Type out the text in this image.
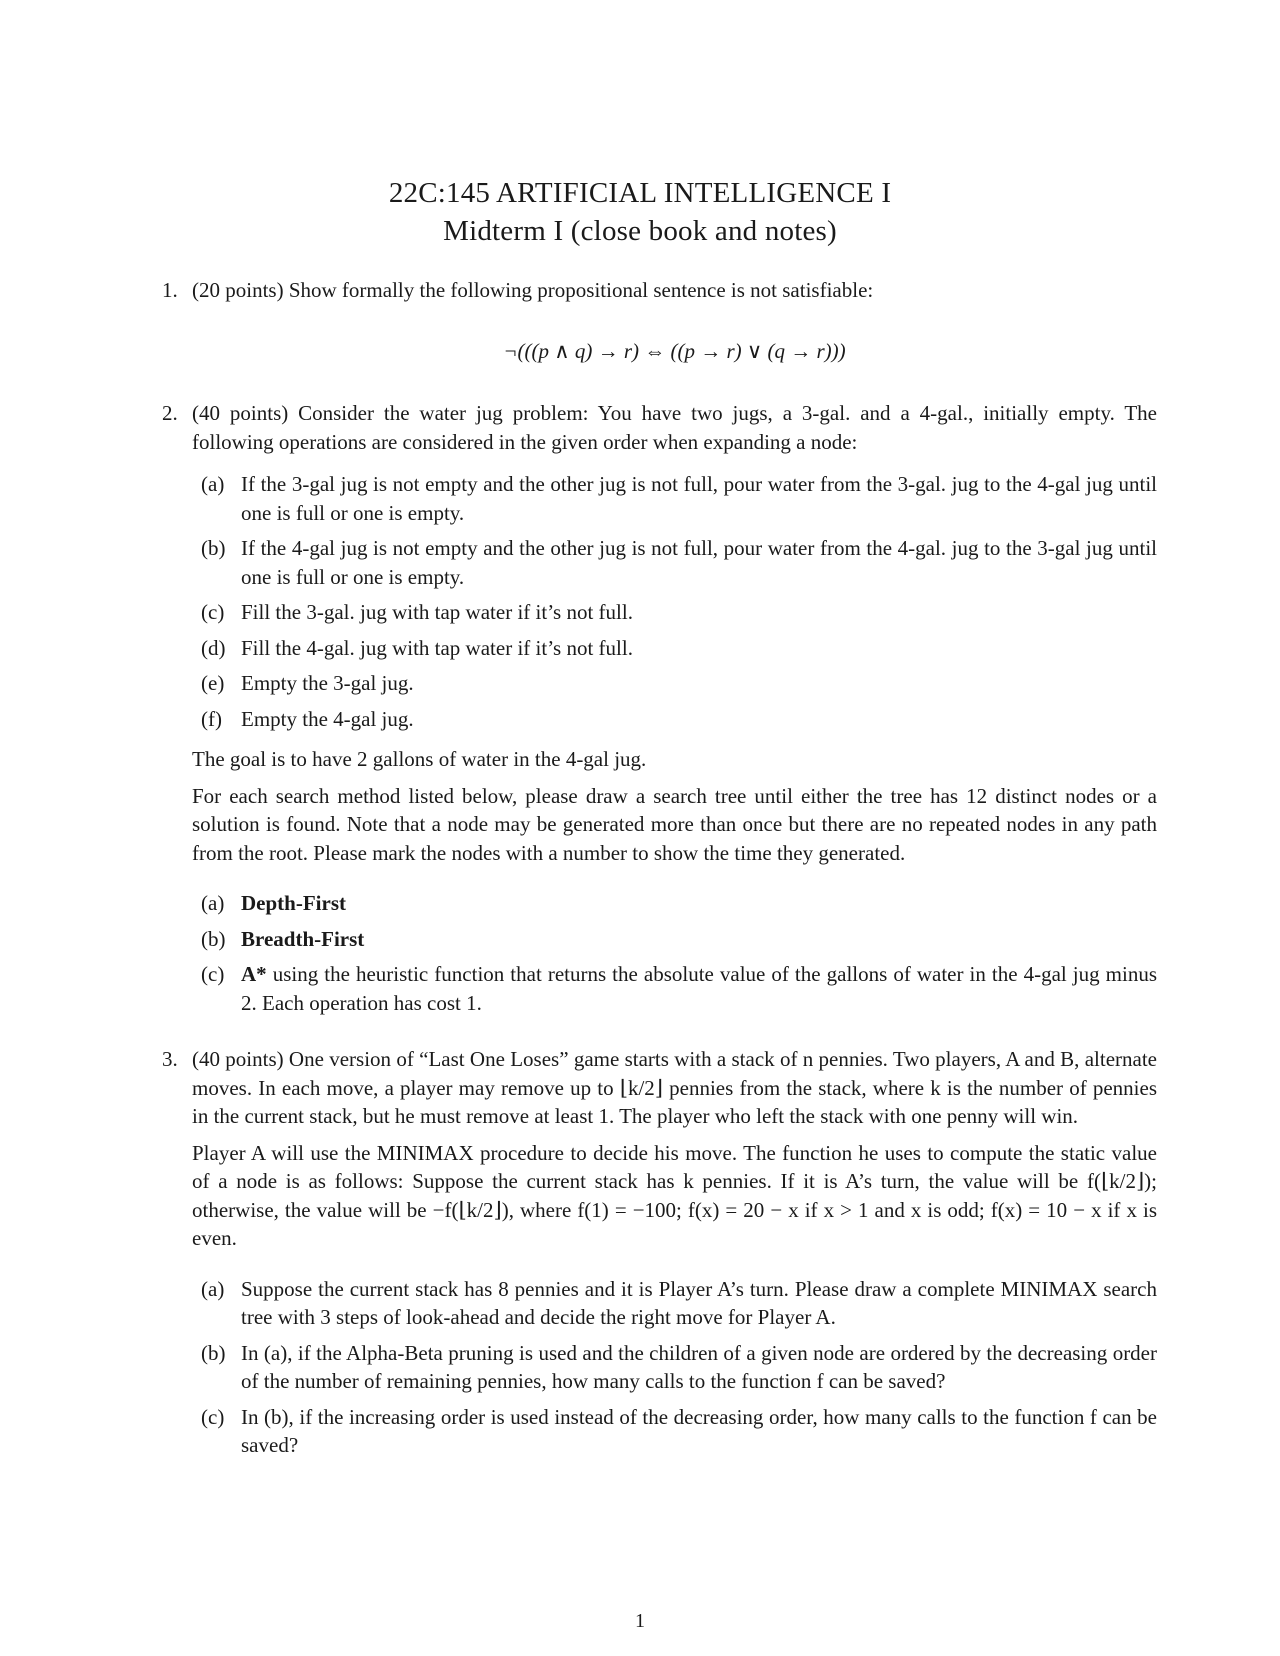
22C:145 ARTIFICIAL INTELLIGENCE I
Midterm I (close book and notes)
1. (20 points) Show formally the following propositional sentence is not satisfiable:
¬(((p ∧ q) → r) ⇔ ((p → r) ∨ (q → r)))
2. (40 points) Consider the water jug problem: You have two jugs, a 3-gal. and a 4-gal., initially empty. The following operations are considered in the given order when expanding a node:
(a) If the 3-gal jug is not empty and the other jug is not full, pour water from the 3-gal. jug to the 4-gal jug until one is full or one is empty.
(b) If the 4-gal jug is not empty and the other jug is not full, pour water from the 4-gal. jug to the 3-gal jug until one is full or one is empty.
(c) Fill the 3-gal. jug with tap water if it’s not full.
(d) Fill the 4-gal. jug with tap water if it’s not full.
(e) Empty the 3-gal jug.
(f) Empty the 4-gal jug.
The goal is to have 2 gallons of water in the 4-gal jug.
For each search method listed below, please draw a search tree until either the tree has 12 distinct nodes or a solution is found. Note that a node may be generated more than once but there are no repeated nodes in any path from the root. Please mark the nodes with a number to show the time they generated.
(a) Depth-First
(b) Breadth-First
(c) A* using the heuristic function that returns the absolute value of the gallons of water in the 4-gal jug minus 2. Each operation has cost 1.
3. (40 points) One version of “Last One Loses” game starts with a stack of n pennies. Two players, A and B, alternate moves. In each move, a player may remove up to ⌊k/2⌋ pennies from the stack, where k is the number of pennies in the current stack, but he must remove at least 1. The player who left the stack with one penny will win.
Player A will use the MINIMAX procedure to decide his move. The function he uses to compute the static value of a node is as follows: Suppose the current stack has k pennies. If it is A’s turn, the value will be f(⌊k/2⌋); otherwise, the value will be −f(⌊k/2⌋), where f(1) = −100; f(x) = 20 − x if x > 1 and x is odd; f(x) = 10 − x if x is even.
(a) Suppose the current stack has 8 pennies and it is Player A’s turn. Please draw a complete MINIMAX search tree with 3 steps of look-ahead and decide the right move for Player A.
(b) In (a), if the Alpha-Beta pruning is used and the children of a given node are ordered by the decreasing order of the number of remaining pennies, how many calls to the function f can be saved?
(c) In (b), if the increasing order is used instead of the decreasing order, how many calls to the function f can be saved?
1
